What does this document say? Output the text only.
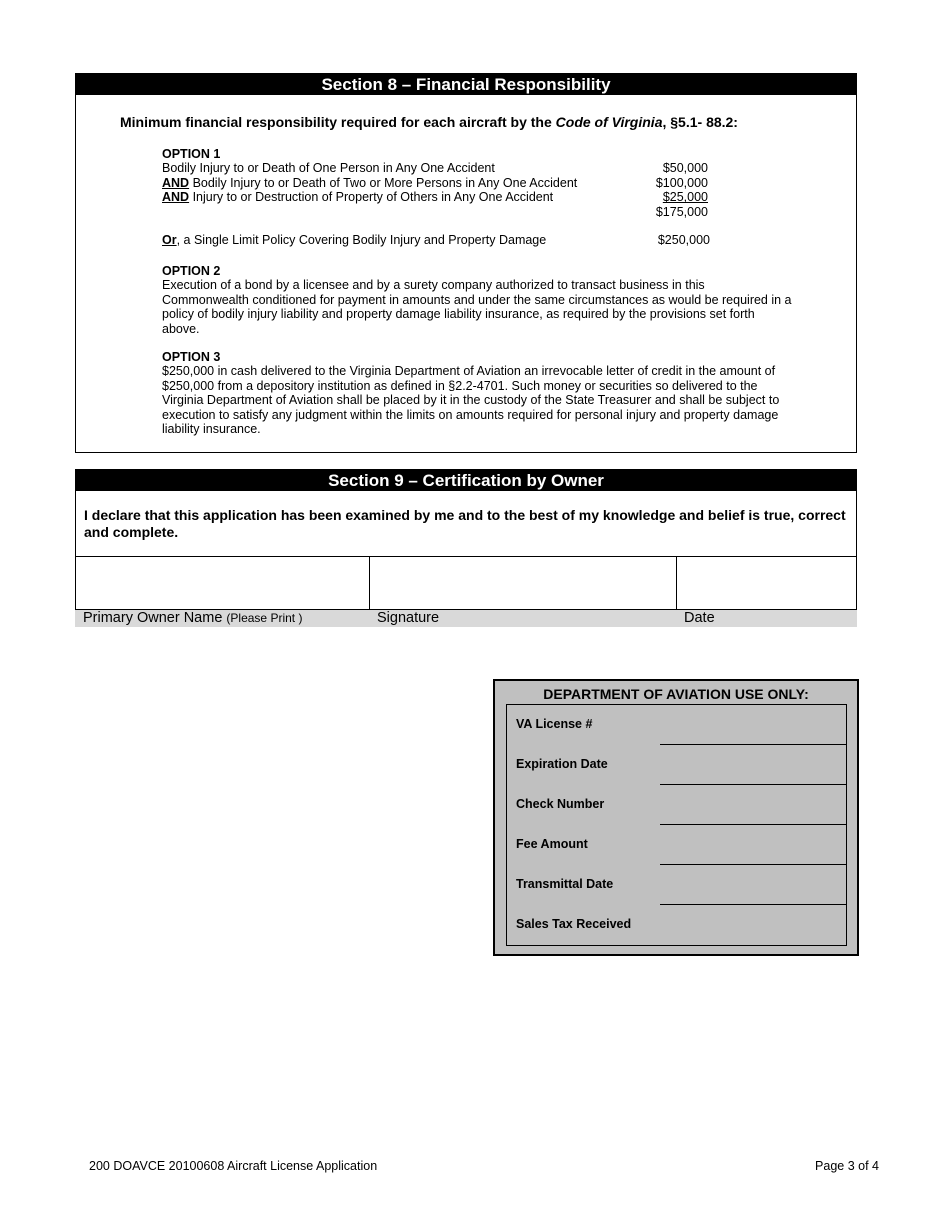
Section 8 – Financial Responsibility
Minimum financial responsibility required for each aircraft by the Code of Virginia, §5.1- 88.2:
OPTION 1
Bodily Injury to or Death of One Person in Any One Accident	$50,000
AND Bodily Injury to or Death of Two or More Persons in Any One Accident	$100,000
AND Injury to or Destruction of Property of Others in Any One Accident	$25,000
$175,000
Or, a Single Limit Policy Covering Bodily Injury and Property Damage	$250,000
OPTION 2
Execution of a bond by a licensee and by a surety company authorized to transact business in this Commonwealth conditioned for payment in amounts and under the same circumstances as would be required in a policy of bodily injury liability and property damage liability insurance, as required by the provisions set forth above.
OPTION 3
$250,000 in cash delivered to the Virginia Department of Aviation an irrevocable letter of credit in the amount of $250,000 from a depository institution as defined in §2.2-4701. Such money or securities so delivered to the Virginia Department of Aviation shall be placed by it in the custody of the State Treasurer and shall be subject to execution to satisfy any judgment within the limits on amounts required for personal injury and property damage liability insurance.
Section 9 – Certification by Owner
I declare that this application has been examined by me and to the best of my knowledge and belief is true, correct and complete.
Primary Owner Name (Please Print )	Signature	Date
DEPARTMENT OF AVIATION USE ONLY:
VA License #
Expiration Date
Check Number
Fee Amount
Transmittal Date
Sales Tax Received
200 DOAVCE 20100608 Aircraft License Application	Page 3 of 4
